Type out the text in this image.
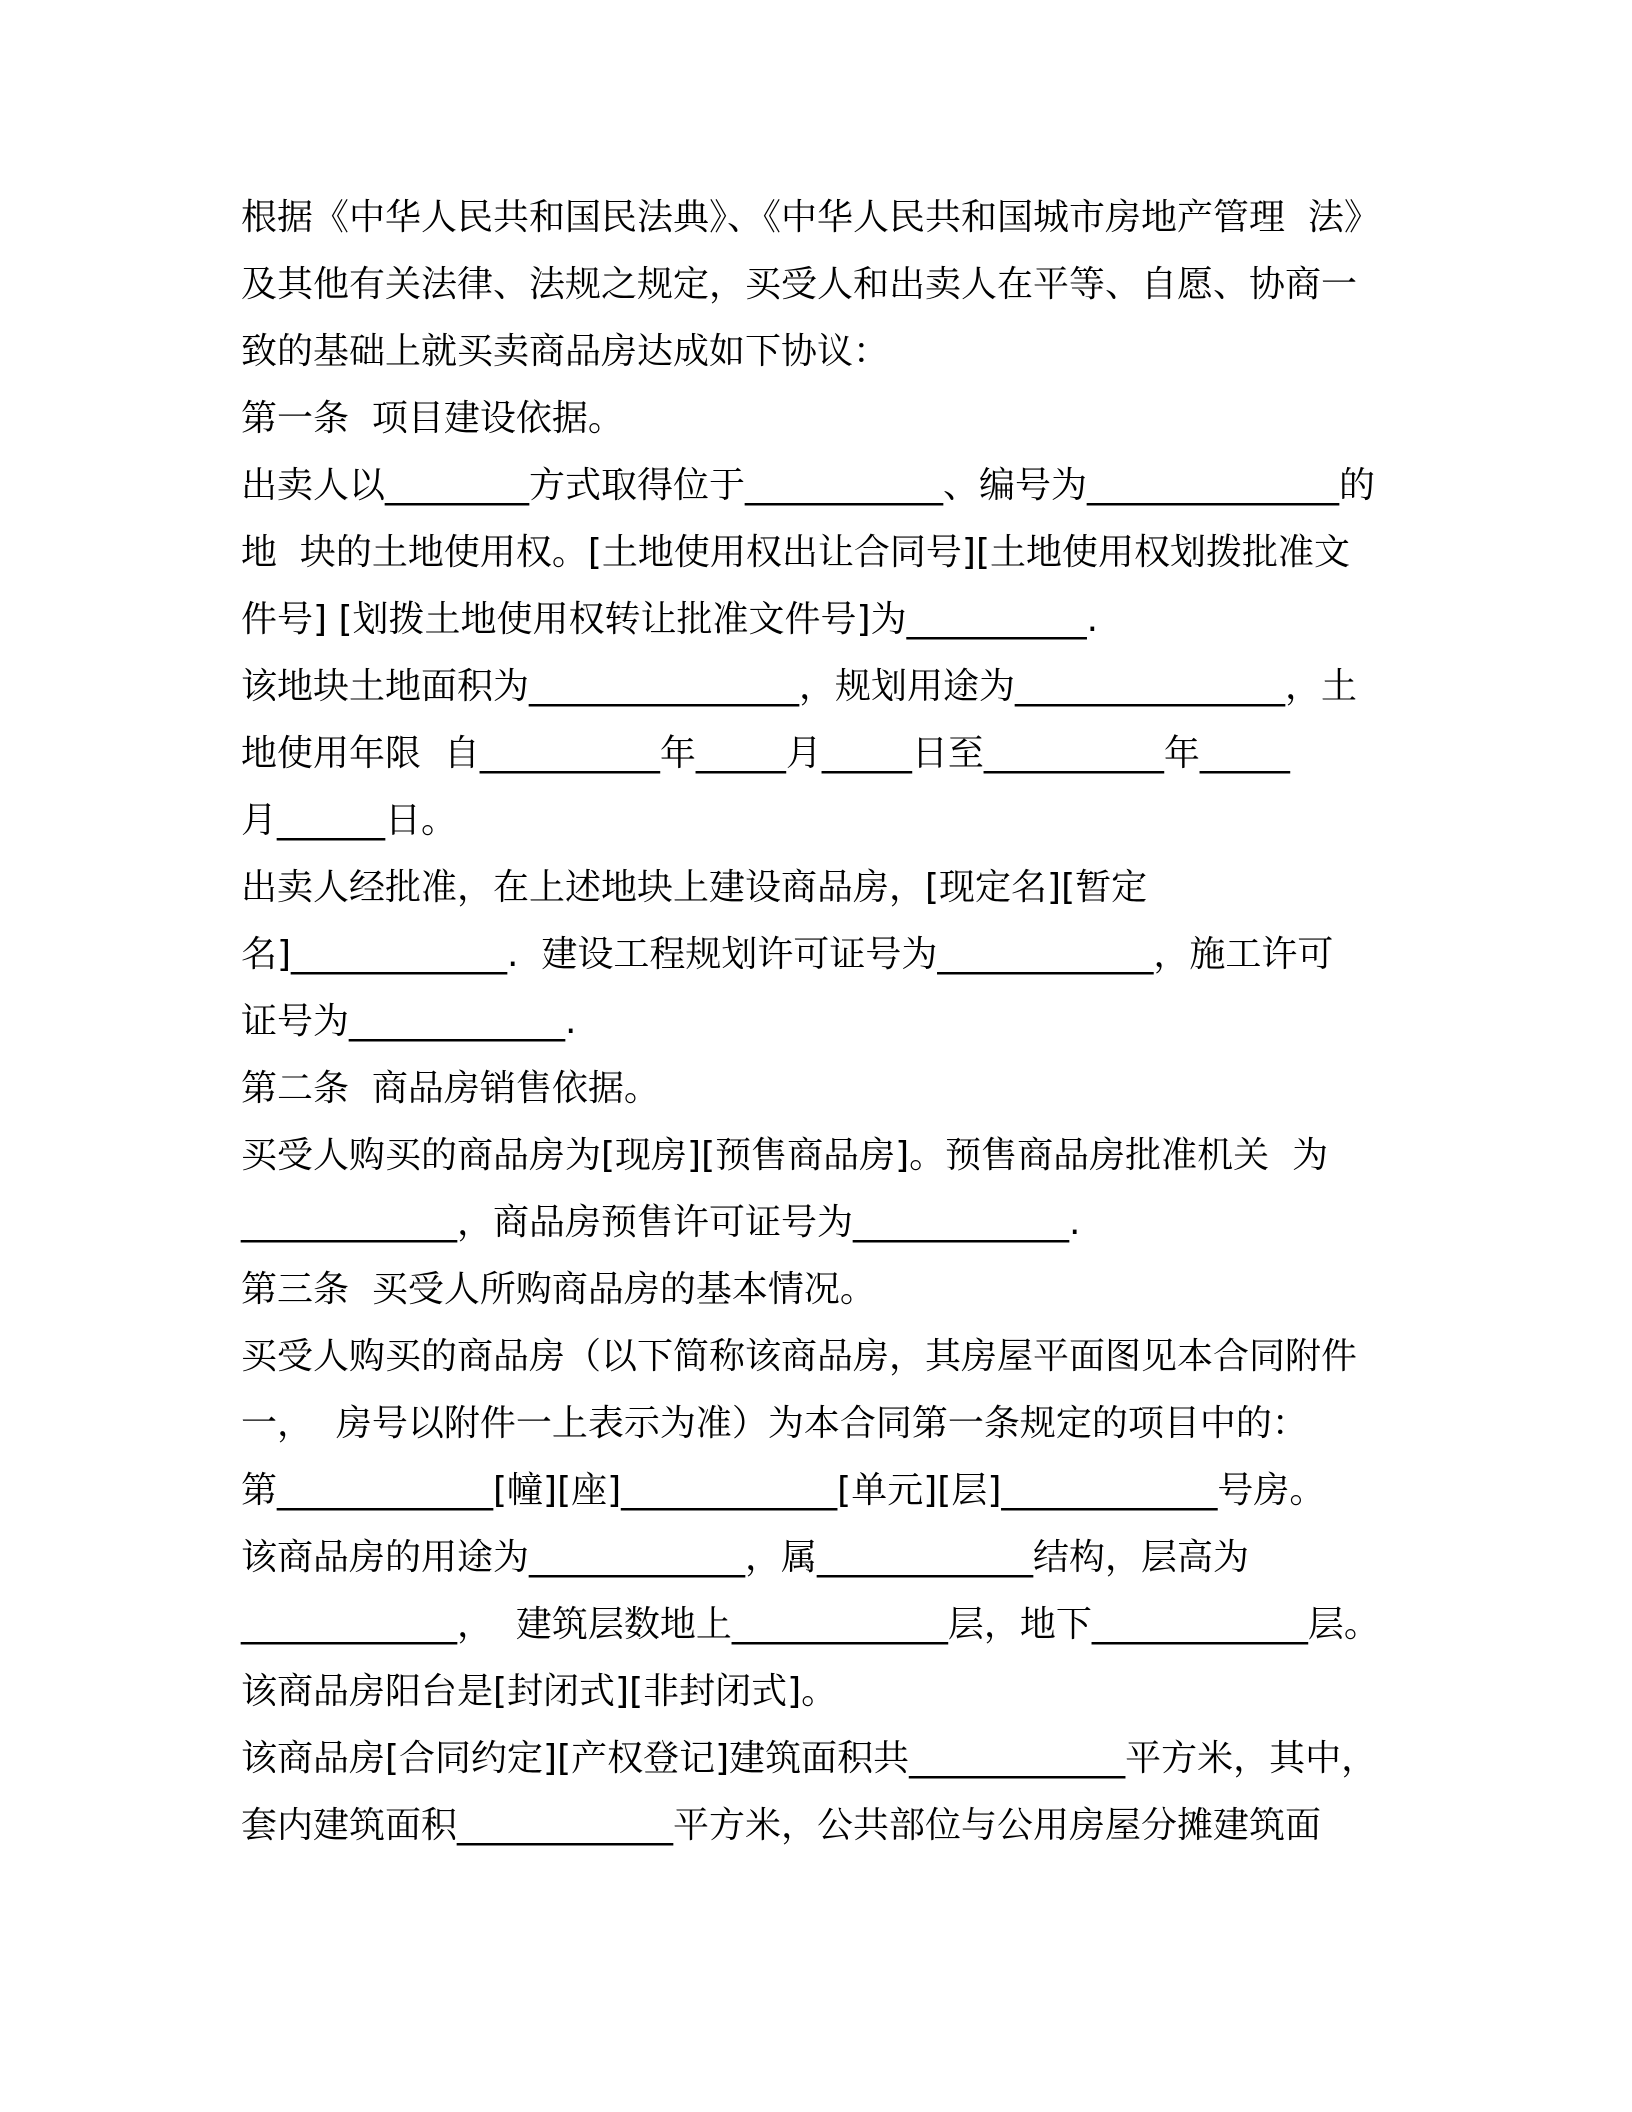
根据《中华人民共和国民法典》、《中华人民共和国城市房地产管理  法》
及其他有关法律、法规之规定，买受人和出卖人在平等、自愿、协商一
致的基础上就买卖商品房达成如下协议：
第一条  项目建设依据。
出卖人以________方式取得位于___________、编号为______________的
地  块的土地使用权。[土地使用权出让合同号][土地使用权划拨批准文
件号] [划拨土地使用权转让批准文件号]为__________.
该地块土地面积为_______________，规划用途为_______________，土
地使用年限  自__________年_____月_____日至__________年_____
月______日。
出卖人经批准，在上述地块上建设商品房，[现定名][暂定
名]____________.  建设工程规划许可证号为____________，施工许可
证号为____________.
第二条  商品房销售依据。
买受人购买的商品房为[现房][预售商品房]。预售商品房批准机关  为
____________，商品房预售许可证号为____________.
第三条  买受人所购商品房的基本情况。
买受人购买的商品房（以下简称该商品房，其房屋平面图见本合同附件
一，  房号以附件一上表示为准）为本合同第一条规定的项目中的：
第____________[幢][座]____________[单元][层]____________号房。
该商品房的用途为____________，属____________结构，层高为
____________，  建筑层数地上____________层，地下____________层。
该商品房阳台是[封闭式][非封闭式]。
该商品房[合同约定][产权登记]建筑面积共____________平方米，其中，
套内建筑面积____________平方米，公共部位与公用房屋分摊建筑面
